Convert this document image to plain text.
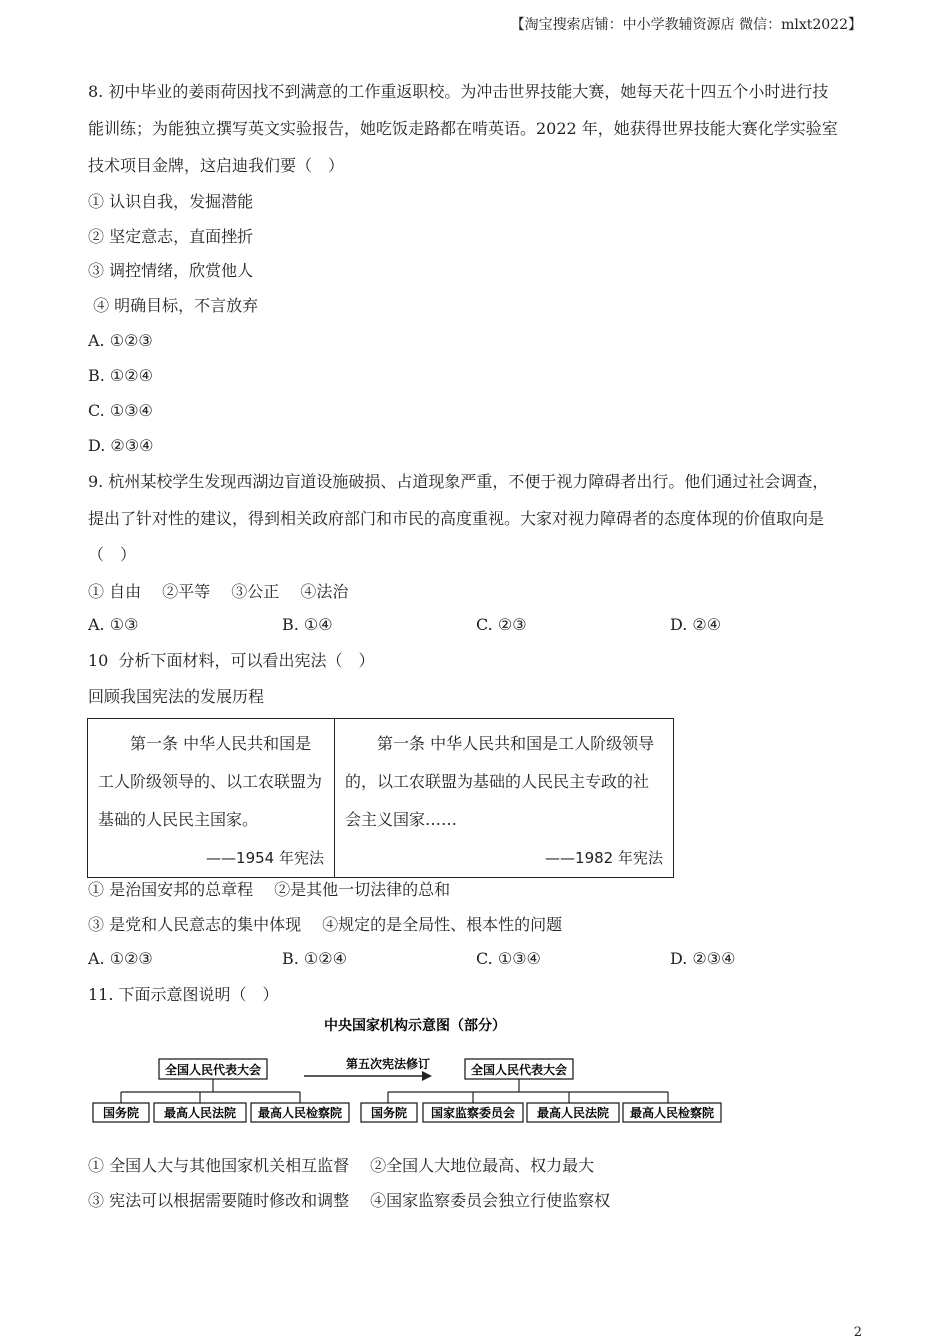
【淘宝搜索店铺：中小学教辅资源店 微信：mlxt2022】
8. 初中毕业的姜雨荷因找不到满意的工作重返职校。为冲击世界技能大赛，她每天花十四五个小时进行技
能训练；为能独立撰写英文实验报告，她吃饭走路都在啃英语。2022 年，她获得世界技能大赛化学实验室
技术项目金牌，这启迪我们要（　）
① 认识自我，发掘潜能
② 坚定意志，直面挫折
③ 调控情绪，欣赏他人
④ 明确目标，不言放弃
A. ①②③
B. ①②④
C. ①③④
D. ②③④
9. 杭州某校学生发现西湖边盲道设施破损、占道现象严重，不便于视力障碍者出行。他们通过社会调查，
提出了针对性的建议，得到相关政府部门和市民的高度重视。大家对视力障碍者的态度体现的价值取向是
（　）
① 自由　 ②平等　 ③公正　 ④法治
A. ①③	B. ①④	C. ②③	D. ②④
10  分析下面材料，可以看出宪法（　）
回顾我国宪法的发展历程
第一条 中华人民共和国是工人阶级领导的、以工农联盟为基础的人民民主国家。
——1954 年宪法

第一条 中华人民共和国是工人阶级领导的，以工农联盟为基础的人民民主专政的社会主义国家……
——1982 年宪法
① 是治国安邦的总章程　 ②是其他一切法律的总和
③ 是党和人民意志的集中体现　 ④规定的是全局性、根本性的问题
A. ①②③	B. ①②④	C. ①③④	D. ②③④
11. 下面示意图说明（　）
中央国家机构示意图（部分）
全国人民代表大会
国务院 最高人民法院 最高人民检察院
第五次宪法修订	全国人民代表大会
国务院 国家监察委员会 最高人民法院 最高人民检察院
① 全国人大与其他国家机关相互监督　 ②全国人大地位最高、权力最大
③ 宪法可以根据需要随时修改和调整　 ④国家监察委员会独立行使监察权
2
